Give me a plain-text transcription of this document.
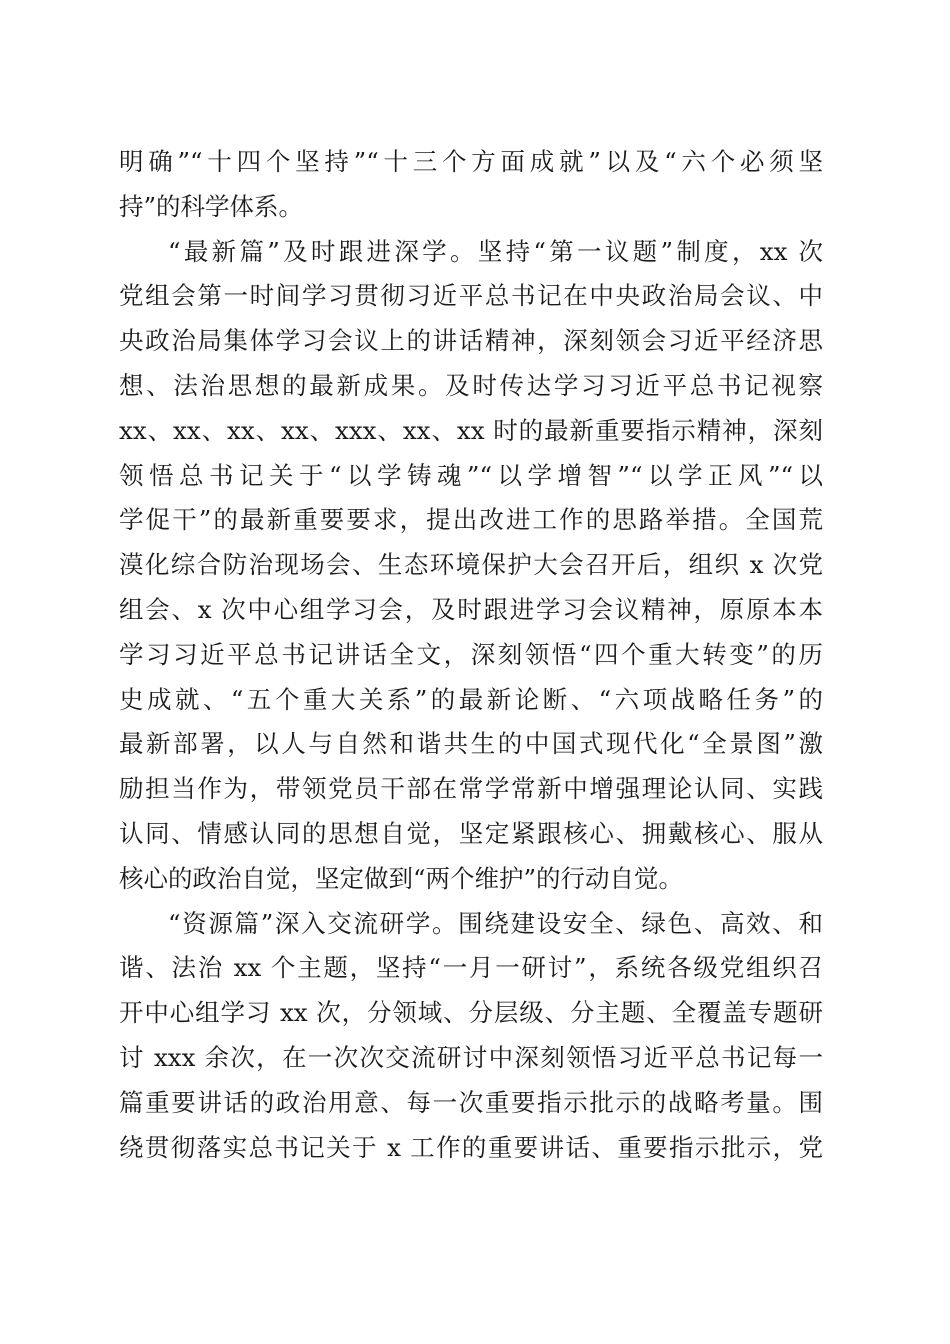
明确”“十四个坚持”“十三个方面成就”以及“六个必须坚
持”的科学体系。
“最新篇”及时跟进深学。坚持“第一议题”制度，xx 次
党组会第一时间学习贯彻习近平总书记在中央政治局会议、中
央政治局集体学习会议上的讲话精神，深刻领会习近平经济思
想、法治思想的最新成果。及时传达学习习近平总书记视察
xx、xx、xx、xx、xxx、xx、xx 时的最新重要指示精神，深刻
领悟总书记关于“以学铸魂”“以学增智”“以学正风”“以
学促干”的最新重要要求，提出改进工作的思路举措。全国荒
漠化综合防治现场会、生态环境保护大会召开后，组织 x 次党
组会、x 次中心组学习会，及时跟进学习会议精神，原原本本
学习习近平总书记讲话全文，深刻领悟“四个重大转变”的历
史成就、“五个重大关系”的最新论断、“六项战略任务”的
最新部署，以人与自然和谐共生的中国式现代化“全景图”激
励担当作为，带领党员干部在常学常新中增强理论认同、实践
认同、情感认同的思想自觉，坚定紧跟核心、拥戴核心、服从
核心的政治自觉，坚定做到“两个维护”的行动自觉。
“资源篇”深入交流研学。围绕建设安全、绿色、高效、和
谐、法治 xx 个主题，坚持“一月一研讨”，系统各级党组织召
开中心组学习 xx 次，分领域、分层级、分主题、全覆盖专题研
讨 xxx 余次，在一次次交流研讨中深刻领悟习近平总书记每一
篇重要讲话的政治用意、每一次重要指示批示的战略考量。围
绕贯彻落实总书记关于 x 工作的重要讲话、重要指示批示，党
